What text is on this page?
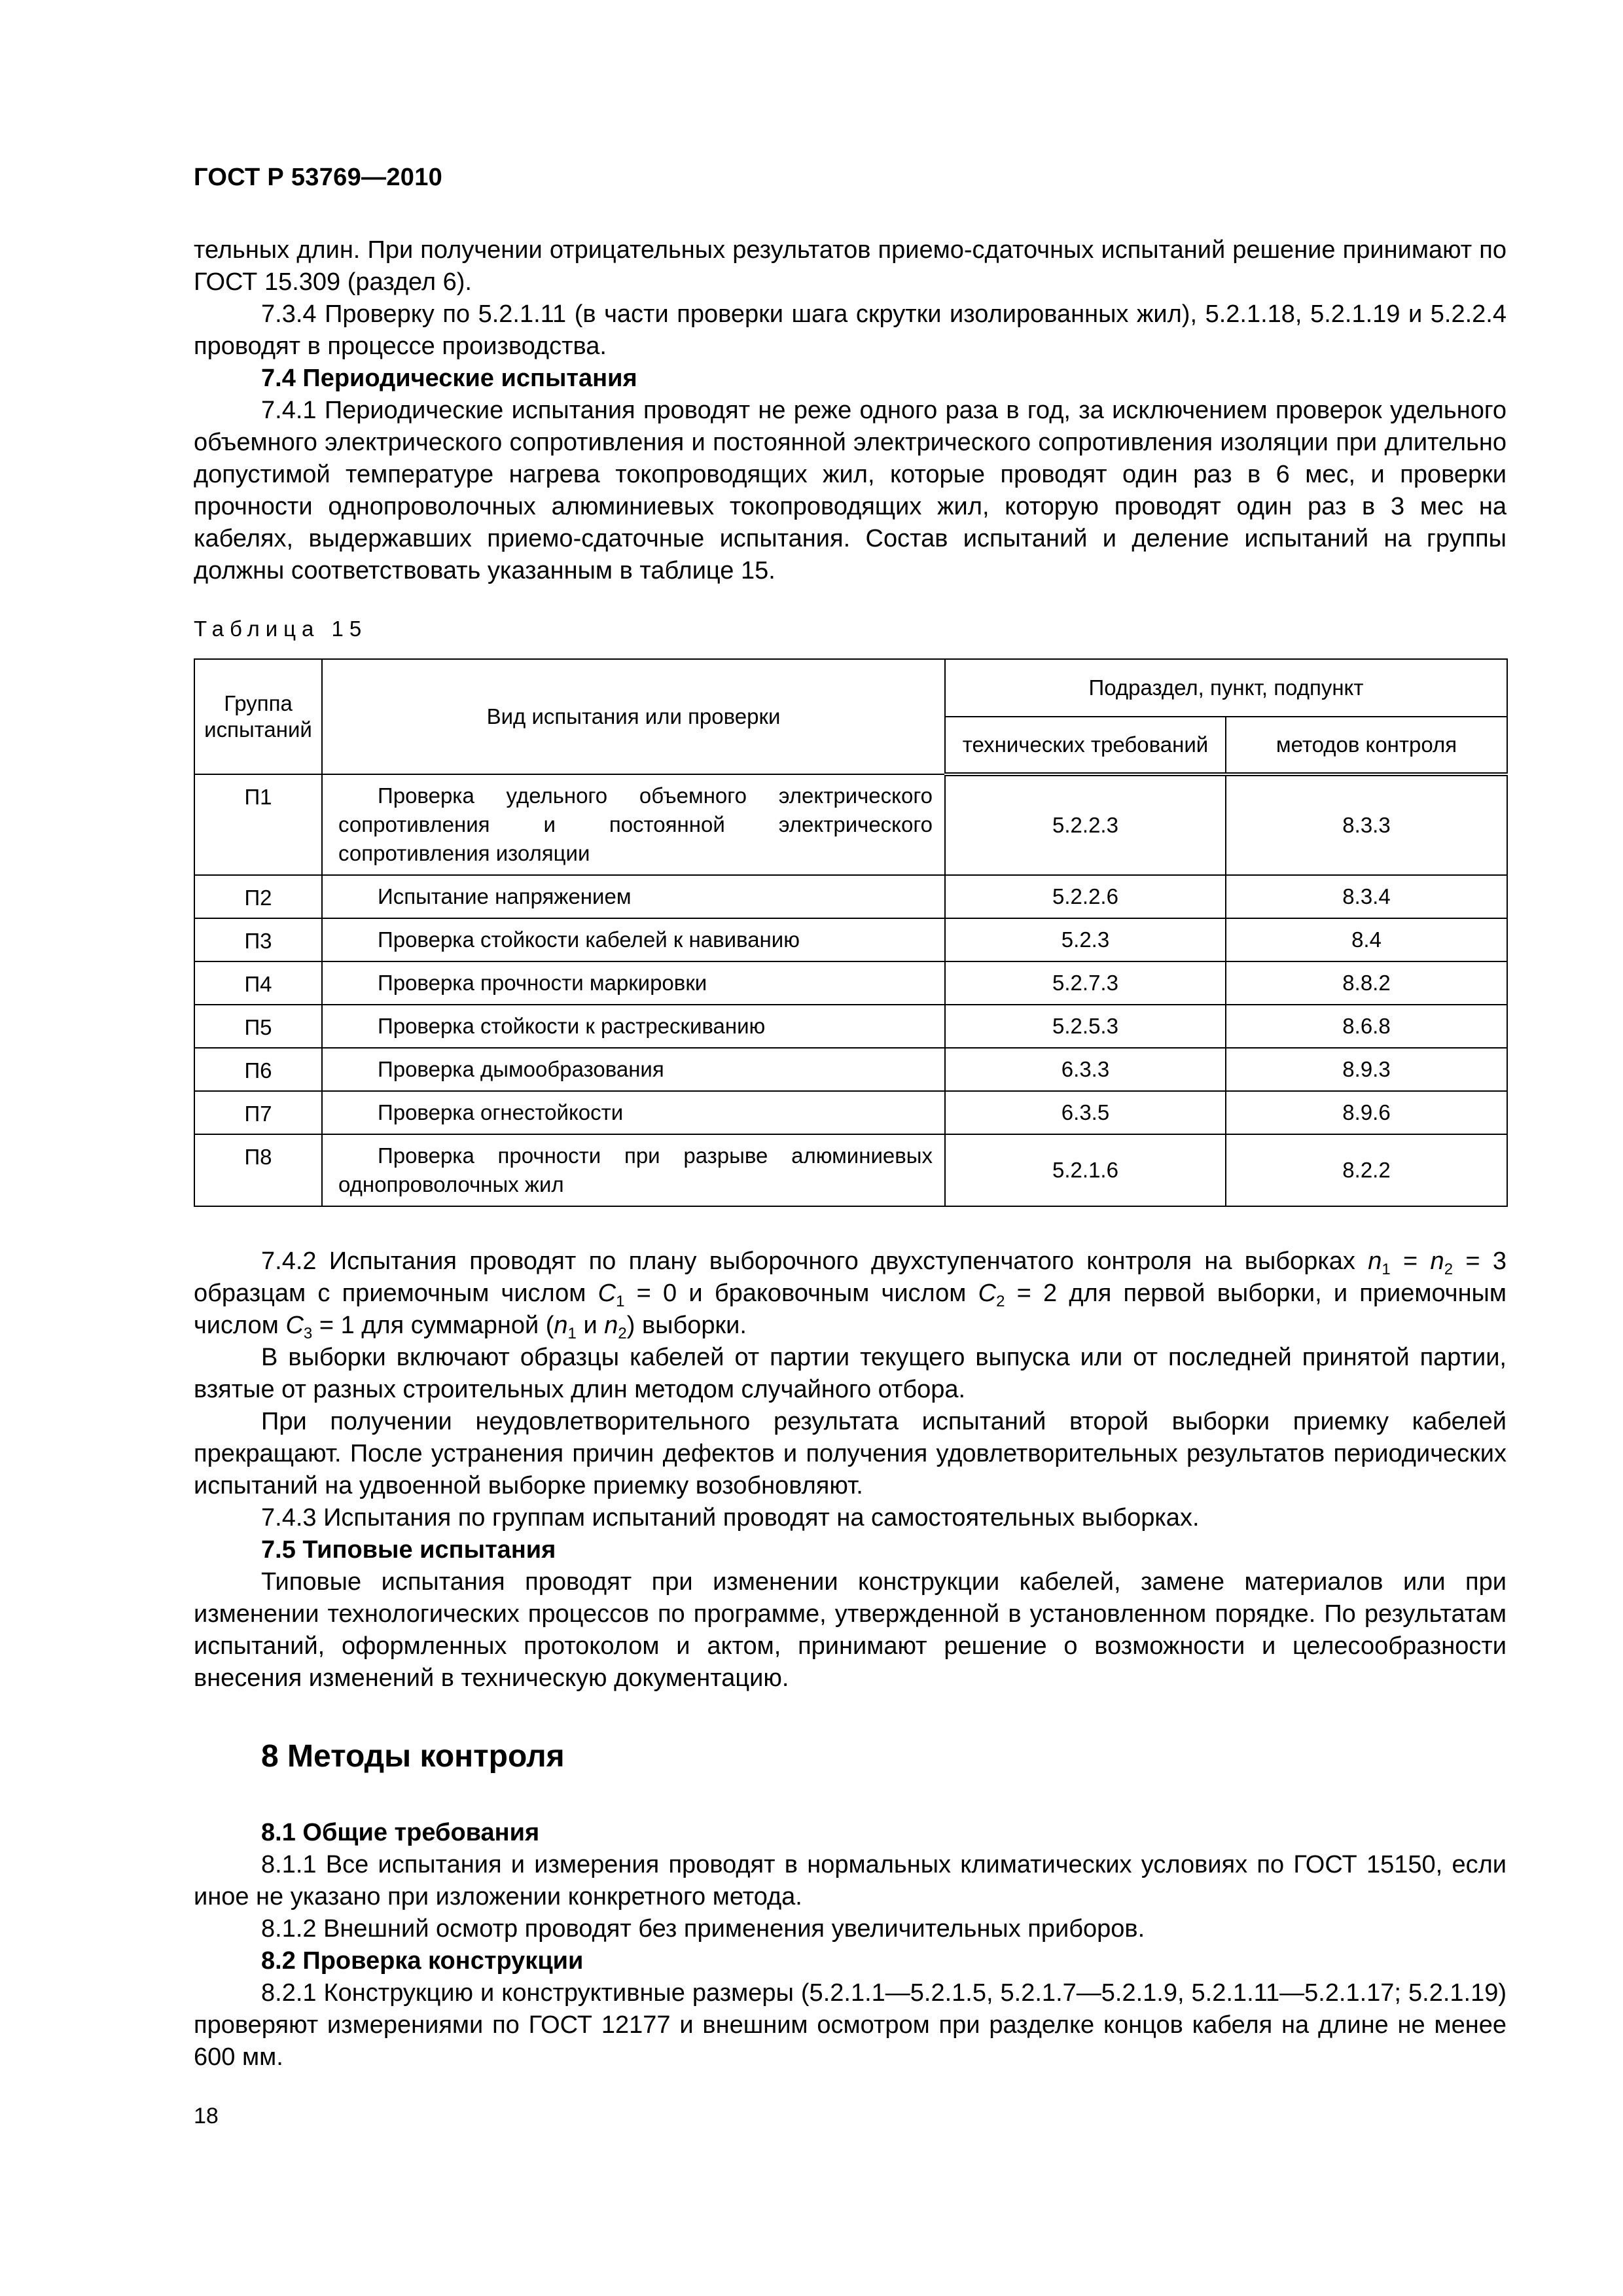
ГОСТ Р 53769—2010

тельных длин. При получении отрицательных результатов приемо-сдаточных испытаний решение принимают по ГОСТ 15.309 (раздел 6).

7.3.4 Проверку по 5.2.1.11 (в части проверки шага скрутки изолированных жил), 5.2.1.18, 5.2.1.19 и 5.2.2.4 проводят в процессе производства.

7.4 Периодические испытания

7.4.1 Периодические испытания проводят не реже одного раза в год, за исключением проверок удельного объемного электрического сопротивления и постоянной электрического сопротивления изоляции при длительно допустимой температуре нагрева токопроводящих жил, которые проводят один раз в 6 мес, и проверки прочности однопроволочных алюминиевых токопроводящих жил, которую проводят один раз в 3 мес на кабелях, выдержавших приемо-сдаточные испытания. Состав испытаний и деление испытаний на группы должны соответствовать указанным в таблице 15.

Таблица 15
Группа испытаний	Вид испытания или проверки	Подраздел, пункт, подпункт	
		технических требований	методов контроля
П1	Проверка удельного объемного электрического сопротивления и постоянной электрического сопротивления изоляции	5.2.2.3	8.3.3
П2	Испытание напряжением	5.2.2.6	8.3.4
П3	Проверка стойкости кабелей к навиванию	5.2.3	8.4
П4	Проверка прочности маркировки	5.2.7.3	8.8.2
П5	Проверка стойкости к растрескиванию	5.2.5.3	8.6.8
П6	Проверка дымообразования	6.3.3	8.9.3
П7	Проверка огнестойкости	6.3.5	8.9.6
П8	Проверка прочности при разрыве алюминиевых однопроволочных жил	5.2.1.6	8.2.2

7.4.2 Испытания проводят по плану выборочного двухступенчатого контроля на выборках $n_1 = n_2 = 3$ образцам с приемочным числом $C_1 = 0$ и браковочным числом $C_2 = 2$ для первой выборки, и приемочным числом $C_3 = 1$ для суммарной ($n_1$ и $n_2$) выборки.

В выборки включают образцы кабелей от партии текущего выпуска или от последней принятой партии, взятые от разных строительных длин методом случайного отбора.

При получении неудовлетворительного результата испытаний второй выборки приемку кабелей прекращают. После устранения причин дефектов и получения удовлетворительных результатов периодических испытаний на удвоенной выборке приемку возобновляют.

7.4.3 Испытания по группам испытаний проводят на самостоятельных выборках.

7.5 Типовые испытания

Типовые испытания проводят при изменении конструкции кабелей, замене материалов или при изменении технологических процессов по программе, утвержденной в установленном порядке. По результатам испытаний, оформленных протоколом и актом, принимают решение о возможности и целесообразности внесения изменений в техническую документацию.

8 Методы контроля

8.1 Общие требования

8.1.1 Все испытания и измерения проводят в нормальных климатических условиях по ГОСТ 15150, если иное не указано при изложении конкретного метода.

8.1.2 Внешний осмотр проводят без применения увеличительных приборов.

8.2 Проверка конструкции

8.2.1 Конструкцию и конструктивные размеры (5.2.1.1—5.2.1.5, 5.2.1.7—5.2.1.9, 5.2.1.11—5.2.1.17; 5.2.1.19) проверяют измерениями по ГОСТ 12177 и внешним осмотром при разделке концов кабеля на длине не менее 600 мм.

18
